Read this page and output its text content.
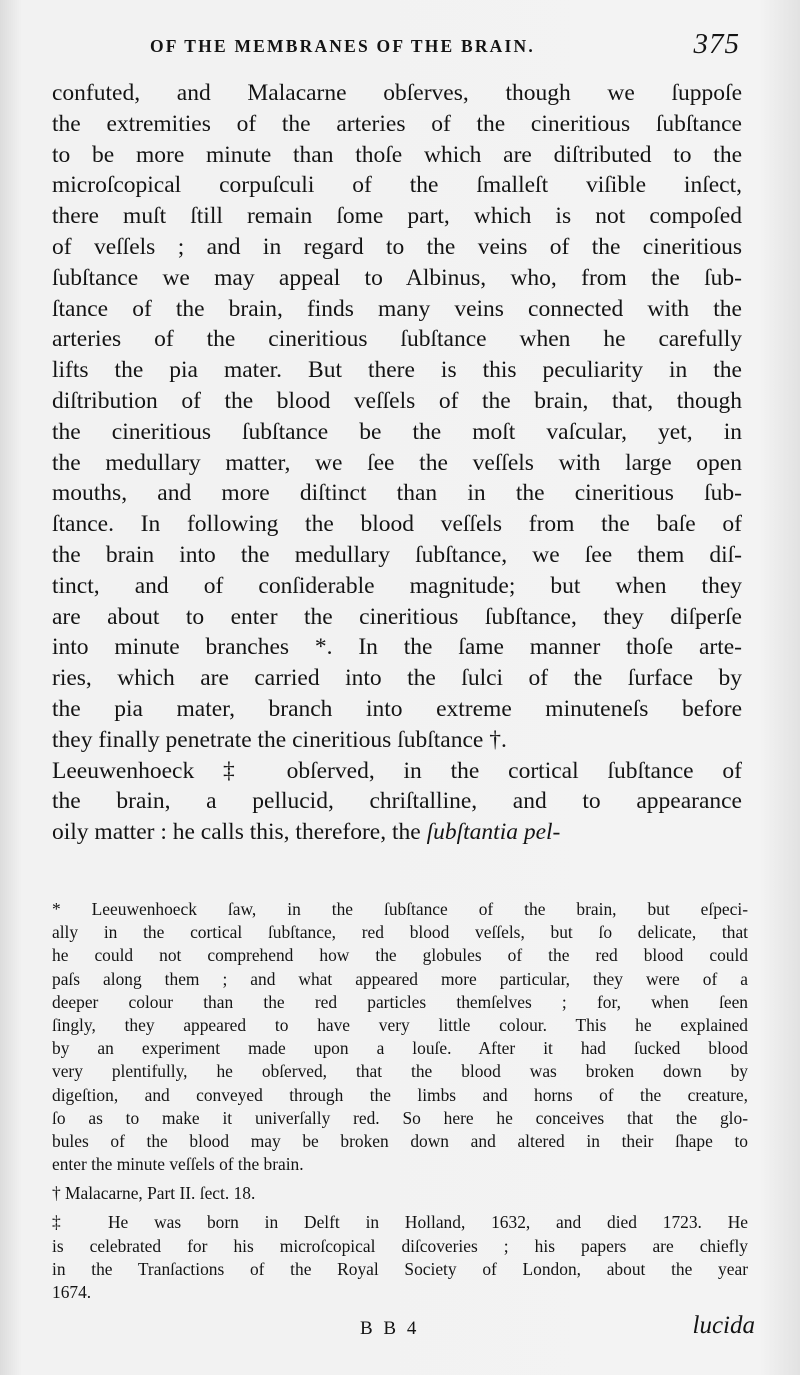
OF THE MEMBRANES OF THE BRAIN.	375
confuted, and Malacarne obſerves, though we ſuppoſe
the extremities of the arteries of the cineritious ſubſtance
to be more minute than thoſe which are diſtributed to the
microſcopical corpuſculi of the ſmalleſt viſible inſect,
there muſt ſtill remain ſome part, which is not compoſed
of veſſels ; and in regard to the veins of the cineritious
ſubſtance we may appeal to Albinus, who, from the ſub-
ſtance of the brain, finds many veins connected with the
arteries of the cineritious ſubſtance when he carefully
lifts the pia mater. But there is this peculiarity in the
diſtribution of the blood veſſels of the brain, that, though
the cineritious ſubſtance be the moſt vaſcular, yet, in
the medullary matter, we ſee the veſſels with large open
mouths, and more diſtinct than in the cineritious ſub-
ſtance. In following the blood veſſels from the baſe of
the brain into the medullary ſubſtance, we ſee them diſ-
tinct, and of conſiderable magnitude; but when they
are about to enter the cineritious ſubſtance, they diſperſe
into minute branches *. In the ſame manner thoſe arte-
ries, which are carried into the ſulci of the ſurface by
the pia mater, branch into extreme minuteneſs before
they finally penetrate the cineritious ſubſtance †.
Leeuwenhoeck ‡ obſerved, in the cortical ſubſtance of
the brain, a pellucid, chriſtalline, and to appearance
oily matter : he calls this, therefore, the ſubſtantia pel-
* Leeuwenhoeck ſaw, in the ſubſtance of the brain, but eſpeci-
ally in the cortical ſubſtance, red blood veſſels, but ſo delicate, that
he could not comprehend how the globules of the red blood could
paſs along them ; and what appeared more particular, they were of a
deeper colour than the red particles themſelves ; for, when ſeen
ſingly, they appeared to have very little colour. This he explained
by an experiment made upon a louſe. After it had ſucked blood
very plentifully, he obſerved, that the blood was broken down by
digeſtion, and conveyed through the limbs and horns of the creature,
ſo as to make it univerſally red. So here he conceives that the glo-
bules of the blood may be broken down and altered in their ſhape to
enter the minute veſſels of the brain.
† Malacarne, Part II. ſect. 18.
‡ He was born in Delft in Holland, 1632, and died 1723. He
is celebrated for his microſcopical diſcoveries ; his papers are chiefly
in the Tranſactions of the Royal Society of London, about the year
1674.
B B 4	lucida
